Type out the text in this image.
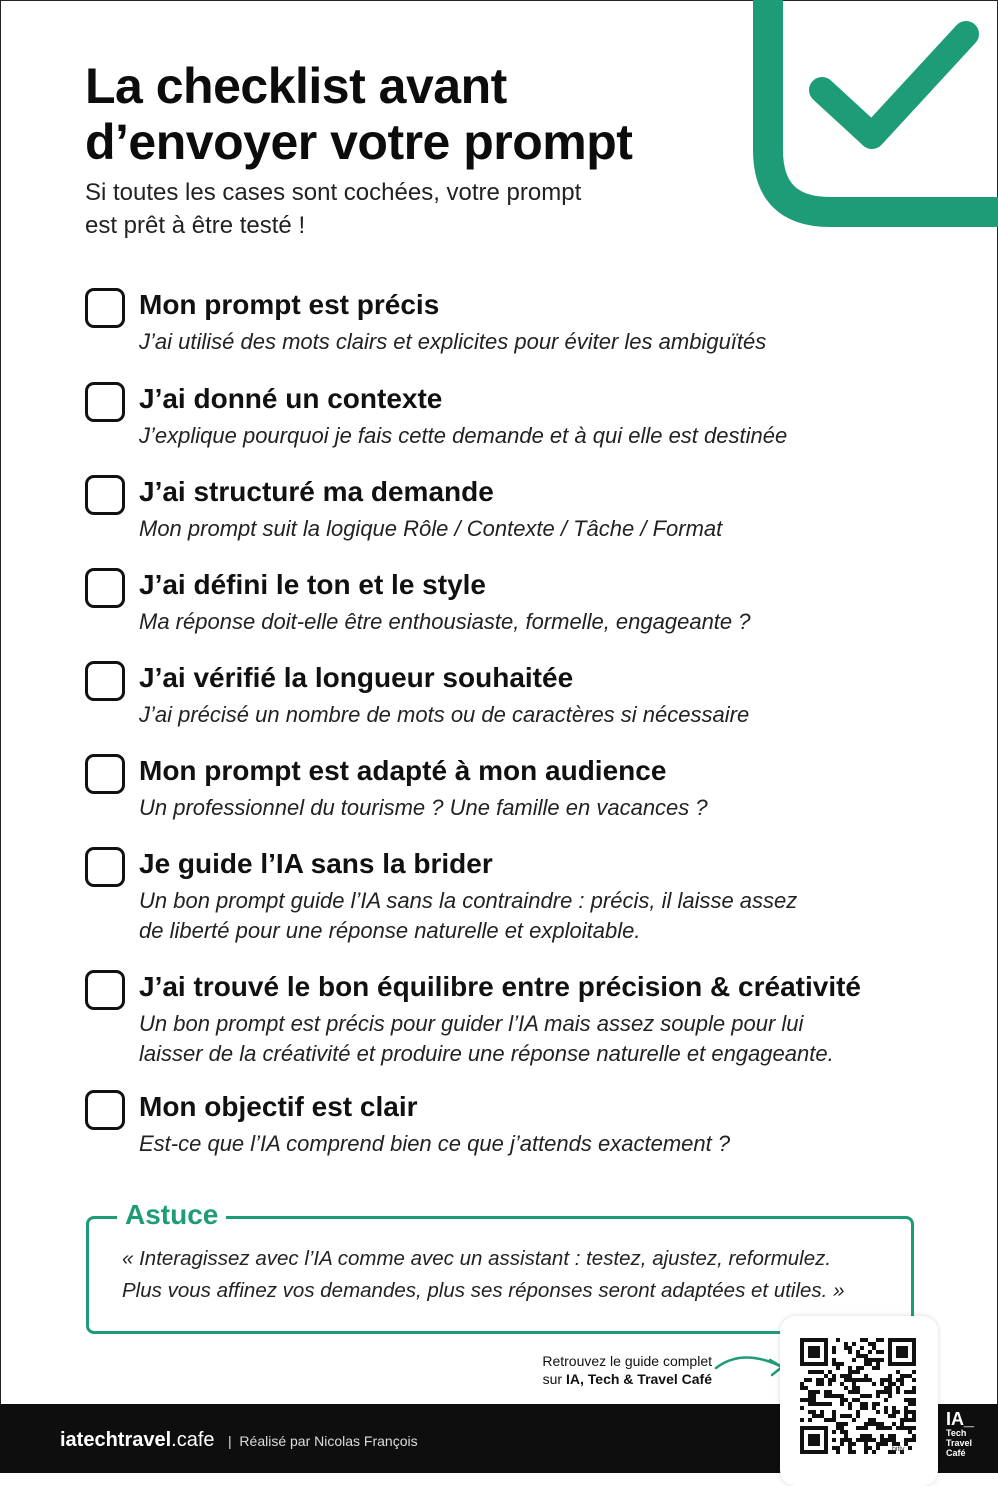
La checklist avant
d’envoyer votre prompt
Si toutes les cases sont cochées, votre prompt
est prêt à être testé !
Mon prompt est précis
J’ai utilisé des mots clairs et explicites pour éviter les ambiguïtés
J’ai donné un contexte
J’explique pourquoi je fais cette demande et à qui elle est destinée
J’ai structuré ma demande
Mon prompt suit la logique Rôle / Contexte / Tâche / Format
J’ai défini le ton et le style
Ma réponse doit-elle être enthousiaste, formelle, engageante ?
J’ai vérifié la longueur souhaitée
J’ai précisé un nombre de mots ou de caractères si nécessaire
Mon prompt est adapté à mon audience
Un professionnel du tourisme ? Une famille en vacances ?
Je guide l’IA sans la brider
Un bon prompt guide l’IA sans la contraindre : précis, il laisse assez
de liberté pour une réponse naturelle et exploitable.
J’ai trouvé le bon équilibre entre précision & créativité
Un bon prompt est précis pour guider l’IA mais assez souple pour lui
laisser de la créativité et produire une réponse naturelle et engageante.
Mon objectif est clair
Est-ce que l’IA comprend bien ce que j’attends exactement ?
Astuce
« Interagissez avec l’IA comme avec un assistant : testez, ajustez, reformulez.
Plus vous affinez vos demandes, plus ses réponses seront adaptées et utiles. »
Retrouvez le guide complet
sur IA, Tech & Travel Café
iatechtravel.cafe | Réalisé par Nicolas François
bitly
IA_
Tech
Travel
Café
